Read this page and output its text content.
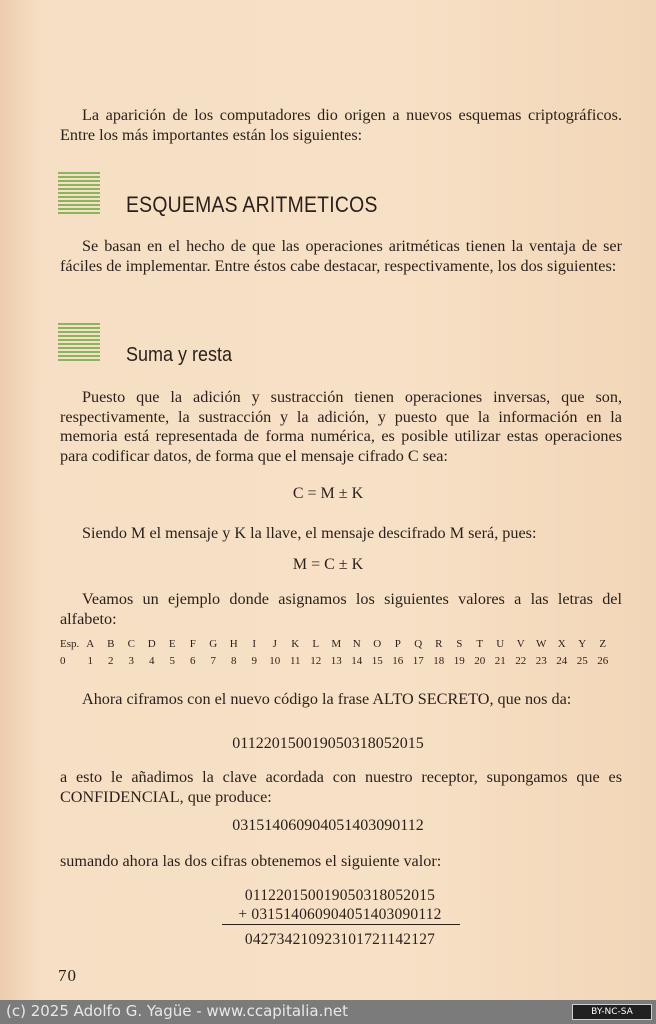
La aparición de los computadores dio origen a nuevos esquemas criptográficos. Entre los más importantes están los siguientes:
ESQUEMAS ARITMETICOS
Se basan en el hecho de que las operaciones aritméticas tienen la ventaja de ser fáciles de implementar. Entre éstos cabe destacar, respectivamente, los dos siguientes:
Suma y resta
Puesto que la adición y sustracción tienen operaciones inversas, que son, respectivamente, la sustracción y la adición, y puesto que la información en la memoria está representada de forma numérica, es posible utilizar estas operaciones para codificar datos, de forma que el mensaje cifrado C sea:
C = M ± K
Siendo M el mensaje y K la llave, el mensaje descifrado M será, pues:
M = C ± K
Veamos un ejemplo donde asignamos los siguientes valores a las letras del alfabeto:
Esp. A	B	C	D	E	F	G	H	I	J	K	L	M	N	O	P	Q	R	S	T	U	V	W	X	Y	Z
0	1	2	3	4	5	6	7	8	9	10 11 12 13 14 15 16 17 18 19 20 21 22 23 24 25 26
Ahora ciframos con el nuevo código la frase ALTO SECRETO, que nos da:
011220150019050318052015
a esto le añadimos la clave acordada con nuestro receptor, supongamos que es CONFIDENCIAL, que produce:
031514060904051403090112
sumando ahora las dos cifras obtenemos el siguiente valor:
011220150019050318052015
+ 031514060904051403090112
042734210923101721142127
70
(c) 2025 Adolfo G. Yagüe - www.ccapitalia.net	BY-NC-SA
